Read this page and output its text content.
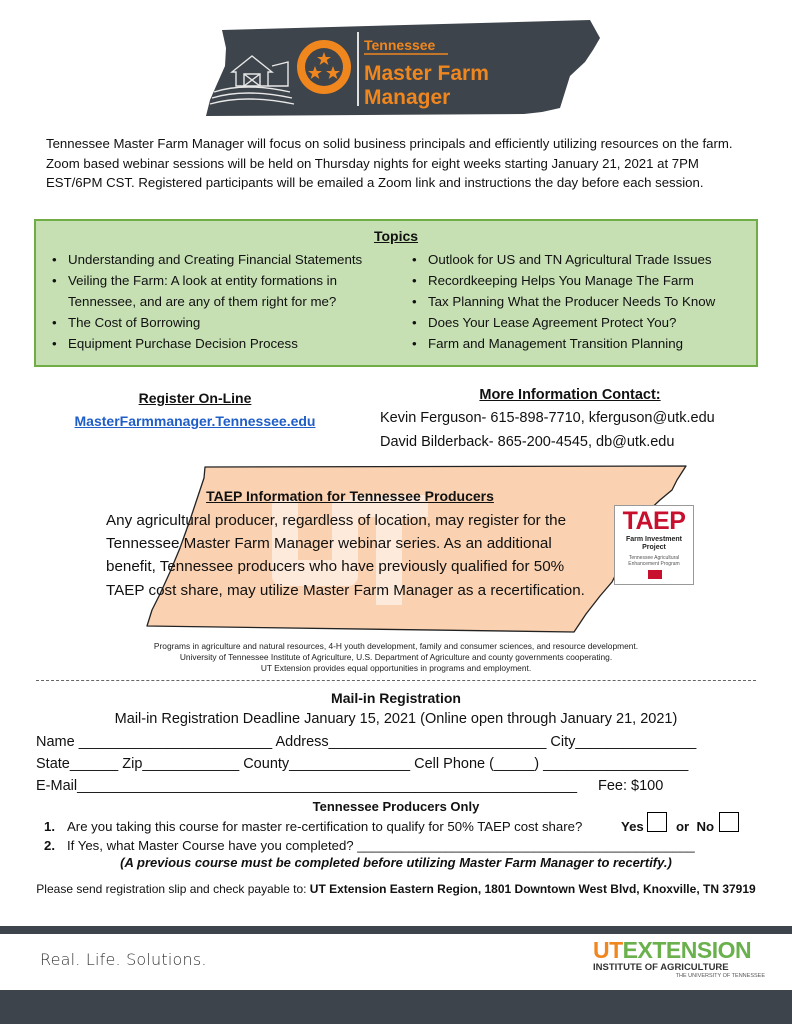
Tennessee
Master Farm
Manager
Tennessee Master Farm Manager will focus on solid business principals and efficiently utilizing resources on the farm. Zoom based webinar sessions will be held on Thursday nights for eight weeks starting January 21, 2021 at 7PM EST/6PM CST. Registered participants will be emailed a Zoom link and instructions the day before each session.
Topics
• Understanding and Creating Financial Statements
• Veiling the Farm: A look at entity formations in Tennessee, and are any of them right for me?
• The Cost of Borrowing
• Equipment Purchase Decision Process
• Outlook for US and TN Agricultural Trade Issues
• Recordkeeping Helps You Manage The Farm
• Tax Planning What the Producer Needs To Know
• Does Your Lease Agreement Protect You?
• Farm and Management Transition Planning
Register On-Line
MasterFarmmanager.Tennessee.edu
More Information Contact:
Kevin Ferguson- 615-898-7710, kferguson@utk.edu
David Bilderback- 865-200-4545, db@utk.edu
TAEP Information for Tennessee Producers
Any agricultural producer, regardless of location, may register for the Tennessee Master Farm Manager webinar series. As an additional benefit, Tennessee producers who have previously qualified for 50% TAEP cost share, may utilize Master Farm Manager as a recertification.
TAEP
Farm Investment Project
Tennessee Agricultural Enhancement Program
Programs in agriculture and natural resources, 4-H youth development, family and consumer sciences, and resource development.
University of Tennessee Institute of Agriculture, U.S. Department of Agriculture and county governments cooperating.
UT Extension provides equal opportunities in programs and employment.
Mail-in Registration
Mail-in Registration Deadline January 15, 2021 (Online open through January 21, 2021)
Name ________________________ Address___________________________ City_______________
State______ Zip____________ County_______________ Cell Phone (_____) __________________
E-Mail______________________________________________________________ Fee: $100
Tennessee Producers Only
1. Are you taking this course for master re-certification to qualify for 50% TAEP cost share?	Yes or  No
2. If Yes, what Master Course have you completed? ______________________________________________
(A previous course must be completed before utilizing Master Farm Manager to recertify.)
Please send registration slip and check payable to: UT Extension Eastern Region, 1801 Downtown West Blvd, Knoxville, TN 37919
Real. Life. Solutions.	UTEXTENSION
INSTITUTE OF AGRICULTURE
THE UNIVERSITY OF TENNESSEE
